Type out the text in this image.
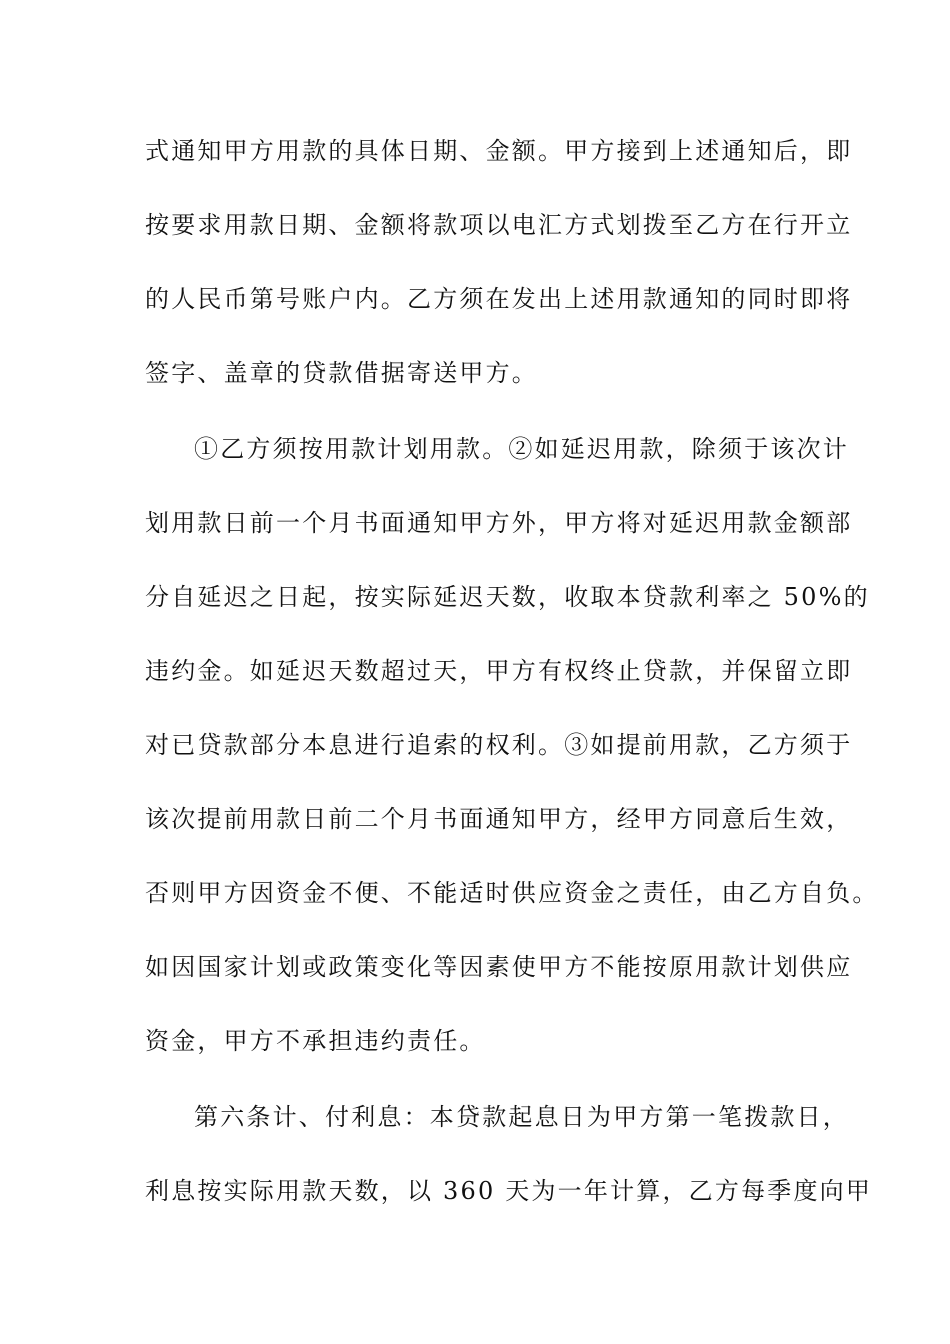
式通知甲方用款的具体日期、金额。甲方接到上述通知后，即
按要求用款日期、金额将款项以电汇方式划拨至乙方在行开立
的人民币第号账户内。乙方须在发出上述用款通知的同时即将
签字、盖章的贷款借据寄送甲方。
①乙方须按用款计划用款。②如延迟用款，除须于该次计
划用款日前一个月书面通知甲方外，甲方将对延迟用款金额部
分自延迟之日起，按实际延迟天数，收取本贷款利率之 50%的
违约金。如延迟天数超过天，甲方有权终止贷款，并保留立即
对已贷款部分本息进行追索的权利。③如提前用款，乙方须于
该次提前用款日前二个月书面通知甲方，经甲方同意后生效，
否则甲方因资金不便、不能适时供应资金之责任，由乙方自负。
如因国家计划或政策变化等因素使甲方不能按原用款计划供应
资金，甲方不承担违约责任。
第六条计、付利息：本贷款起息日为甲方第一笔拨款日，
利息按实际用款天数，以 360 天为一年计算，乙方每季度向甲
